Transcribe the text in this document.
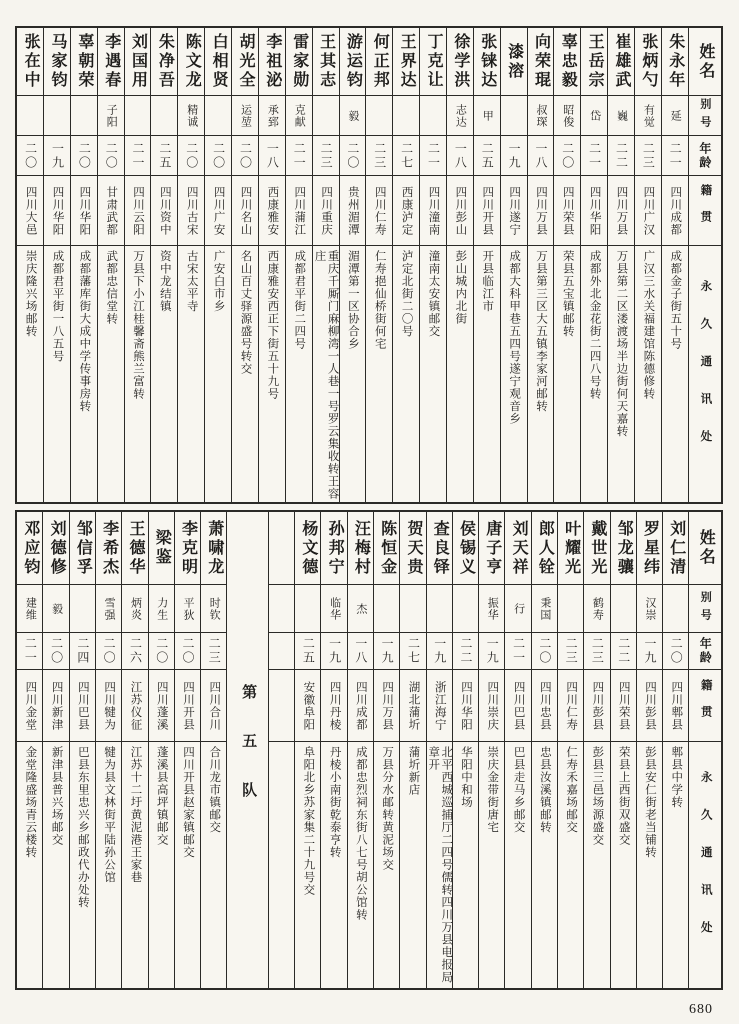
姓名
别号
年龄
籍贯
永久通讯处
朱永年
延
二一
四川成都
成都金子街五十号
张炳勺
有觉
二三
四川广汉
广汉三水关福建馆陈德修转
崔雄武
巍
二二
四川万县
万县第二区溇渡场半边街何天嘉转
王岳宗
岱
二一
四川华阳
成都外北金花街二四八号转
辜忠毅
昭俊
二〇
四川荣县
荣县五宝镇邮转
向荣琨
叔琛
一八
四川万县
万县第三区大五镇李家河邮转
漆溶
一九
四川遂宁
成都大科甲巷五四号遂宁观音乡
张铼达
甲
二五
四川开县
开县临江市
徐学洪
志达
一八
四川彭山
彭山城内北街
丁克让
二一
四川潼南
潼南太安镇邮交
王界达
二七
西康泸定
泸定北街二〇号
何正邦
二三
四川仁寿
仁寿挹仙桥街何宅
游运钧
毅
二〇
贵州湄潭
湄潭第一区协合乡
王其志
二三
四川重庆
重庆千厮门麻柳湾一人巷一号罗云集收转王容庄
雷家勋
克献
二一
四川蒲江
成都君平街二四号
李祖泌
承郅
一八
西康雅安
西康雅安西正下街五十九号
胡光全
运堃
二〇
四川名山
名山百丈驿源盛号转交
白相贤
二〇
四川广安
广安白市乡
陈文龙
精诚
二〇
四川古宋
古宋太平寺
朱净吾
二五
四川资中
资中龙结镇
刘国用
二一
四川云阳
万县下小江桂馨斋熊兰富转
李遇春
子阳
二〇
甘肃武都
武都忠信堂转
辜朝荣
二〇
四川华阳
成都藩库街大成中学传事房转
马家钧
一九
四川华阳
成都君平街一八五号
张在中
二〇
四川大邑
崇庆隆兴场邮转
姓名
别号
年龄
籍贯
永久通讯处
刘仁清
二〇
四川郫县
郫县中学转
罗星纬
汉崇
一九
四川彭县
彭县安仁街老当铺转
邹龙骧
二二
四川荣县
荣县上西街双盛交
戴世光
鹤寿
二三
四川彭县
彭县三邑场源盛交
叶耀光
二三
四川仁寿
仁寿禾嘉场邮交
郎人铨
秉国
二〇
四川忠县
忠县汝溪镇邮转
刘天祥
行
二一
四川巴县
巴县走马乡邮交
唐子亨
振华
一九
四川崇庆
崇庆金带街唐宅
侯锡义
二二
四川华阳
华阳中和场
查良铎
一九
浙江海宁
北平西城巡捕厅二四号儒转四川万县电报局章开
贺天贵
二七
湖北蒲圻
蒲圻新店
陈恒金
一九
四川万县
万县分水邮转黄泥场交
汪梅村
杰
一八
四川成都
成都忠烈祠东街八七号胡公馆转
孙邦宁
临华
一九
四川丹棱
丹棱小南街乾泰亨转
杨文德
二五
安徽阜阳
阜阳北乡苏家集二十九号交
第五队
萧啸龙
时钦
二三
四川合川
合川龙市镇邮交
李克明
平狄
二〇
四川开县
四川开县赵家镇邮交
梁鉴
力生
二〇
四川蓬溪
蓬溪县高坪镇邮交
王德华
炳炎
二六
江苏仪征
江苏十二圩黄泥港王家巷
李希杰
雪强
二〇
四川犍为
犍为县文林街平陆孙公馆
邹信孚
二四
四川巴县
巴县东里忠兴乡邮政代办处转
刘德修
毅
二〇
四川新津
新津县普兴场邮交
邓应钧
建维
二一
四川金堂
金堂隆盛场青云楼转
680
